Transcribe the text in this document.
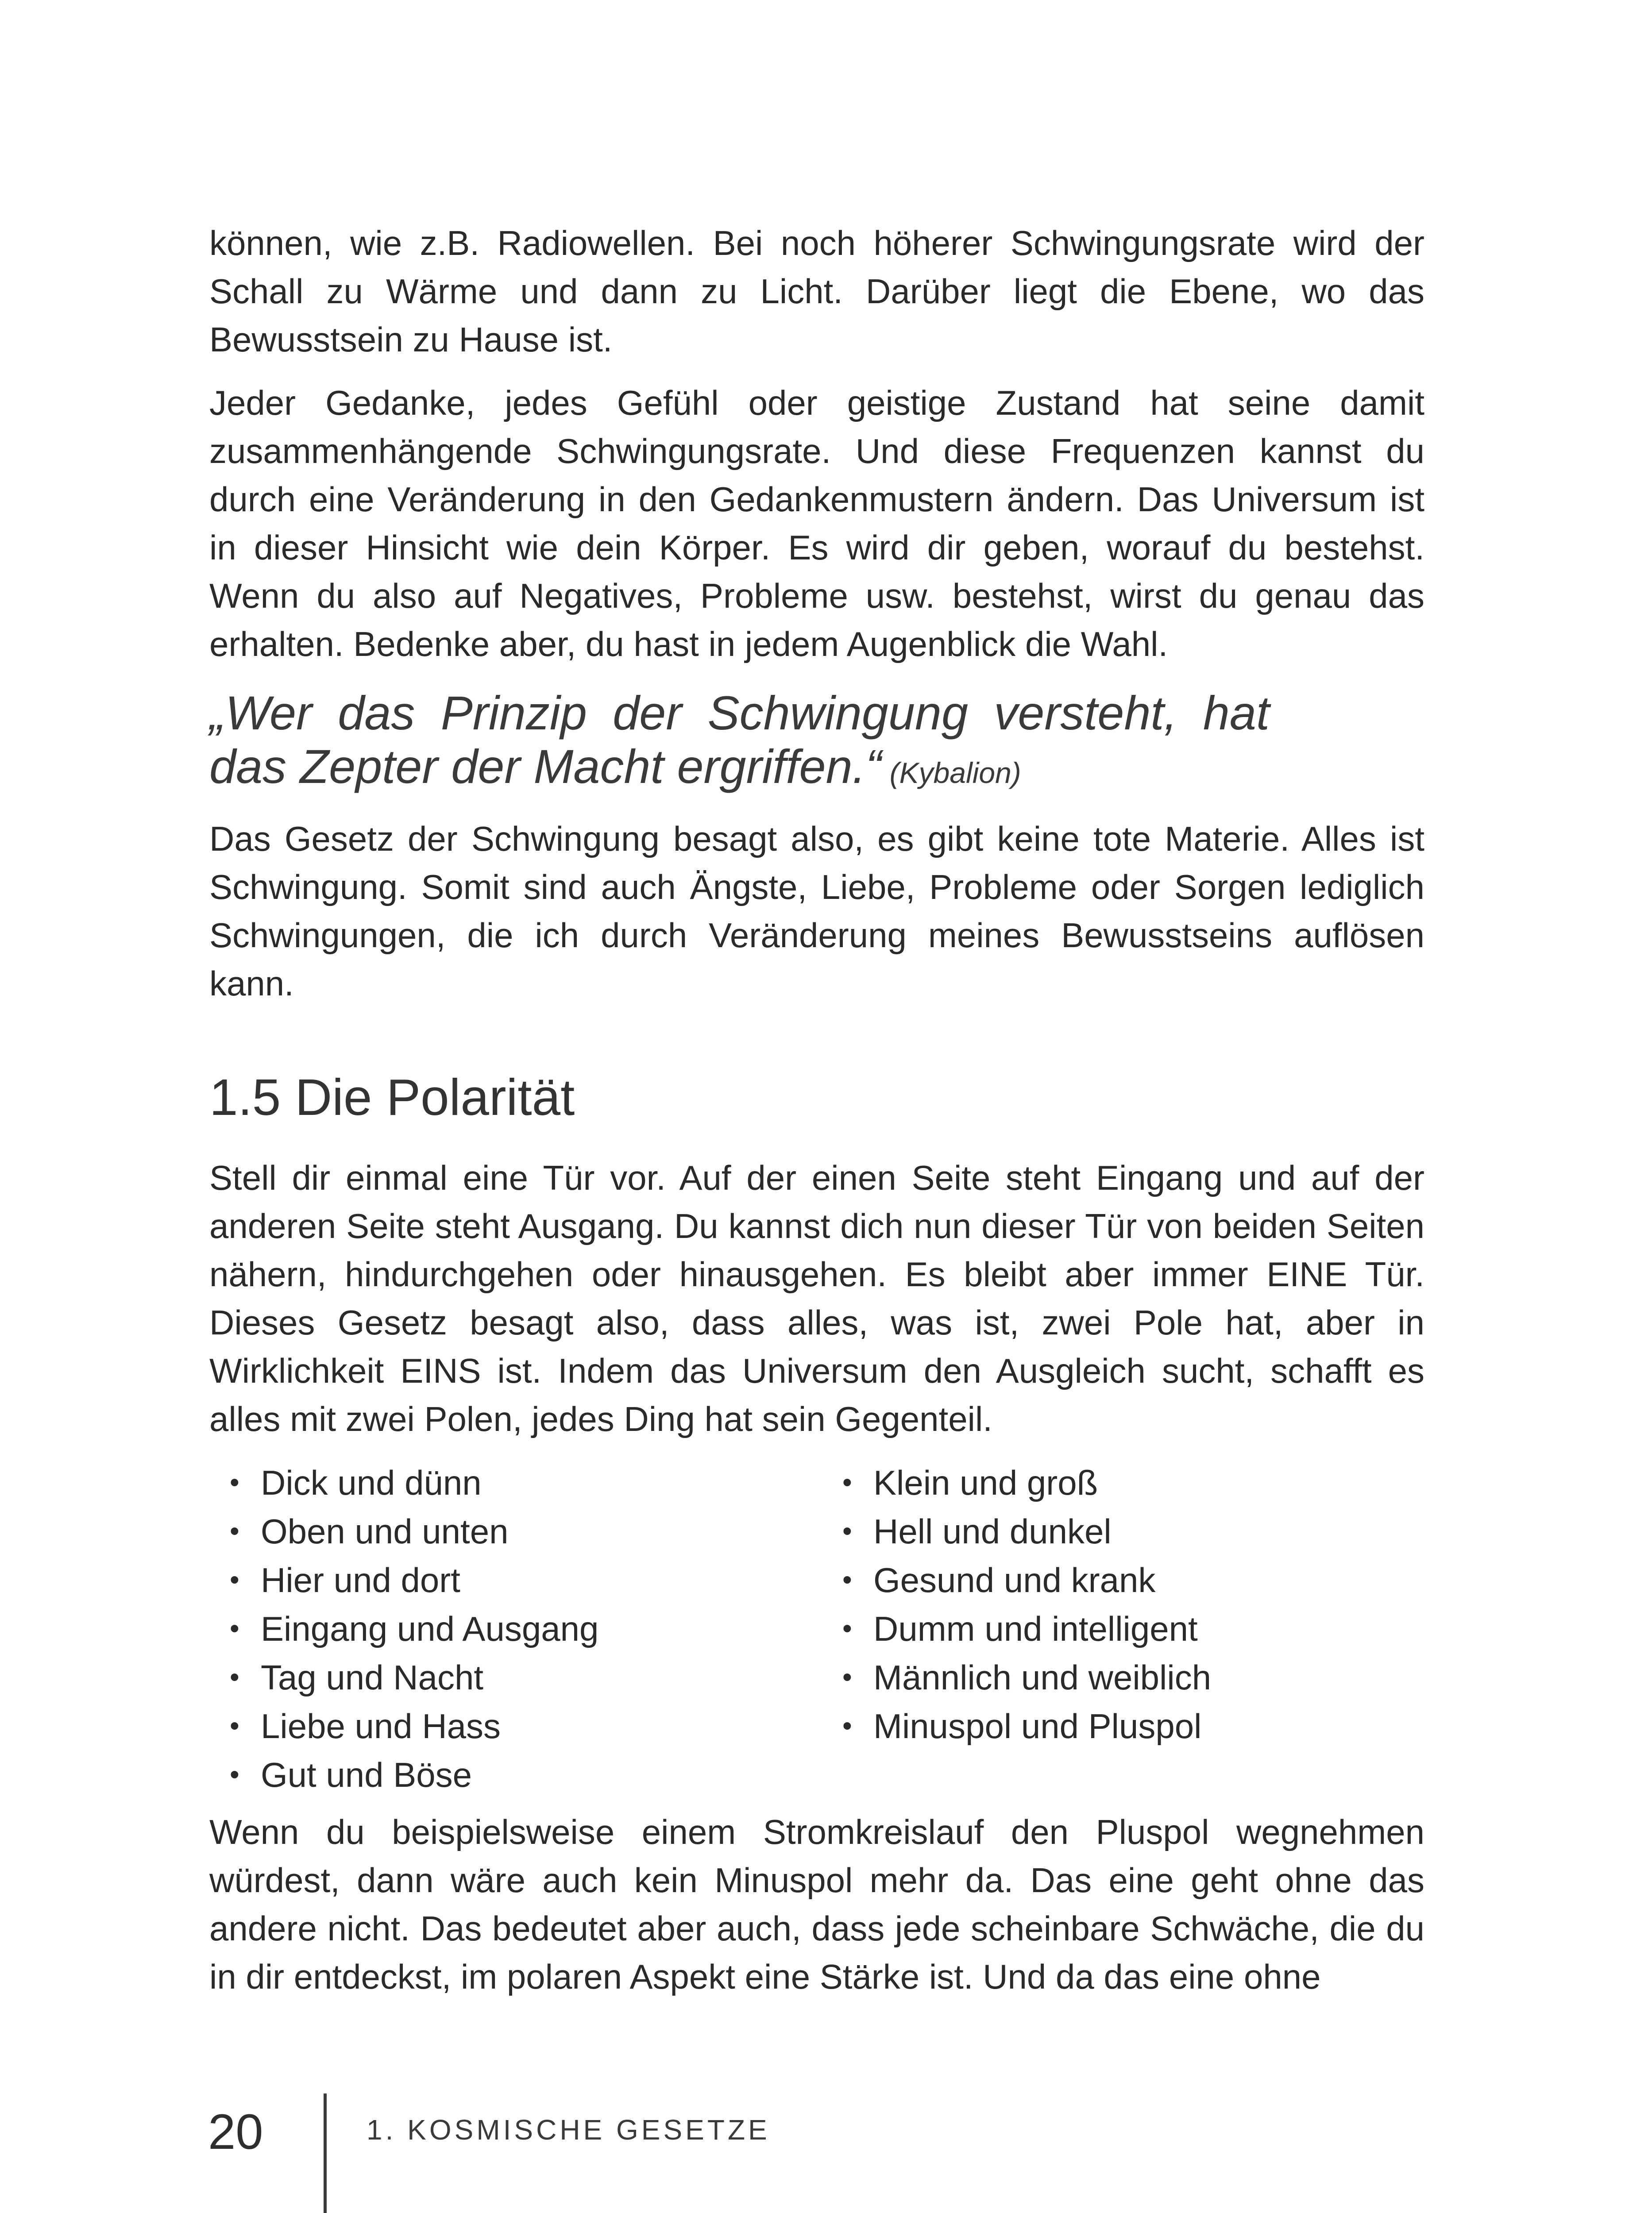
können, wie z.B. Radiowellen. Bei noch höherer Schwingungsrate wird der Schall zu Wärme und dann zu Licht. Darüber liegt die Ebene, wo das Bewusstsein zu Hause ist.

Jeder Gedanke, jedes Gefühl oder geistige Zustand hat seine damit zusammenhängende Schwingungsrate. Und diese Frequenzen kannst du durch eine Veränderung in den Gedankenmustern ändern. Das Universum ist in dieser Hinsicht wie dein Körper. Es wird dir geben, worauf du bestehst. Wenn du also auf Negatives, Probleme usw. bestehst, wirst du genau das erhalten. Bedenke aber, du hast in jedem Augenblick die Wahl.

„Wer das Prinzip der Schwingung versteht, hat
das Zepter der Macht ergriffen.“ (Kybalion)

Das Gesetz der Schwingung besagt also, es gibt keine tote Materie. Alles ist Schwingung. Somit sind auch Ängste, Liebe, Probleme oder Sorgen lediglich Schwingungen, die ich durch Veränderung meines Bewusstseins auflösen kann.

1.5 Die Polarität

Stell dir einmal eine Tür vor. Auf der einen Seite steht Eingang und auf der anderen Seite steht Ausgang. Du kannst dich nun dieser Tür von beiden Seiten nähern, hindurchgehen oder hinausgehen. Es bleibt aber immer EINE Tür. Dieses Gesetz besagt also, dass alles, was ist, zwei Pole hat, aber in Wirklichkeit EINS ist. Indem das Universum den Ausgleich sucht, schafft es alles mit zwei Polen, jedes Ding hat sein Gegenteil.

• Dick und dünn
• Oben und unten
• Hier und dort
• Eingang und Ausgang
• Tag und Nacht
• Liebe und Hass
• Gut und Böse
• Klein und groß
• Hell und dunkel
• Gesund und krank
• Dumm und intelligent
• Männlich und weiblich
• Minuspol und Pluspol

Wenn du beispielsweise einem Stromkreislauf den Pluspol wegnehmen würdest, dann wäre auch kein Minuspol mehr da. Das eine geht ohne das andere nicht. Das bedeutet aber auch, dass jede scheinbare Schwäche, die du in dir entdeckst, im polaren Aspekt eine Stärke ist. Und da das eine ohne

20	1. KOSMISCHE GESETZE
